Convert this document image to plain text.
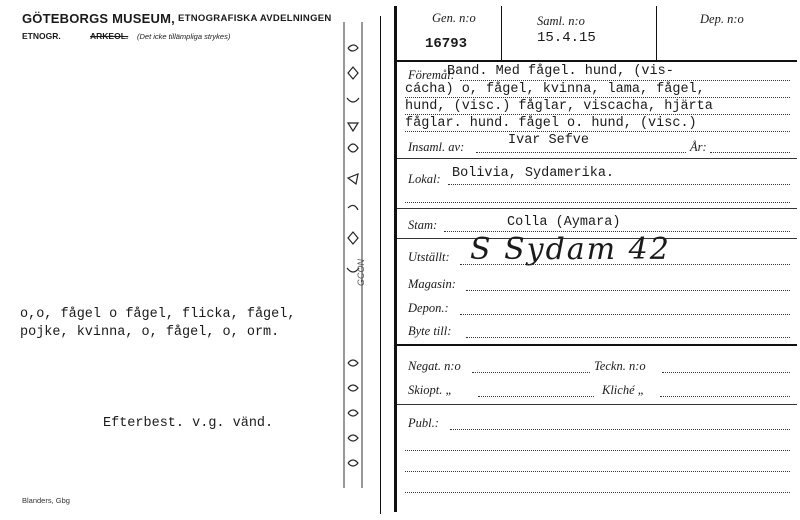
GÖTEBORGS MUSEUM, ETNOGRAFISKA AVDELNINGEN
ETNOGR.	ARKEOL. (Det icke tillämpliga strykes)
o,o, fågel o fågel, flicka, fågel,
pojke, kvinna, o, fågel, o, orm.
Efterbest. v.g. vänd.
Blanders, Gbg
Gen. n:o
16793
Saml. n:o
15.4.15
Dep. n:o
Föremål:
Band. Med fågel. hund, (vis-
cácha) o, fågel, kvinna, lama, fågel,
hund, (visc.) fåglar, viscacha, hjärta
fåglar. hund. fågel o. hund, (visc.)
Insaml. av:	Ivar Sefve	År:
Lokal: Bolivia, Sydamerika.
Stam:	Colla (Aymara)
Utställt: S Sydam 42
Magasin:
Depon.:
Byte till:
Negat. n:o	Teckn. n:o
Skiopt. „	Kliché „
Publ.:
GCON
